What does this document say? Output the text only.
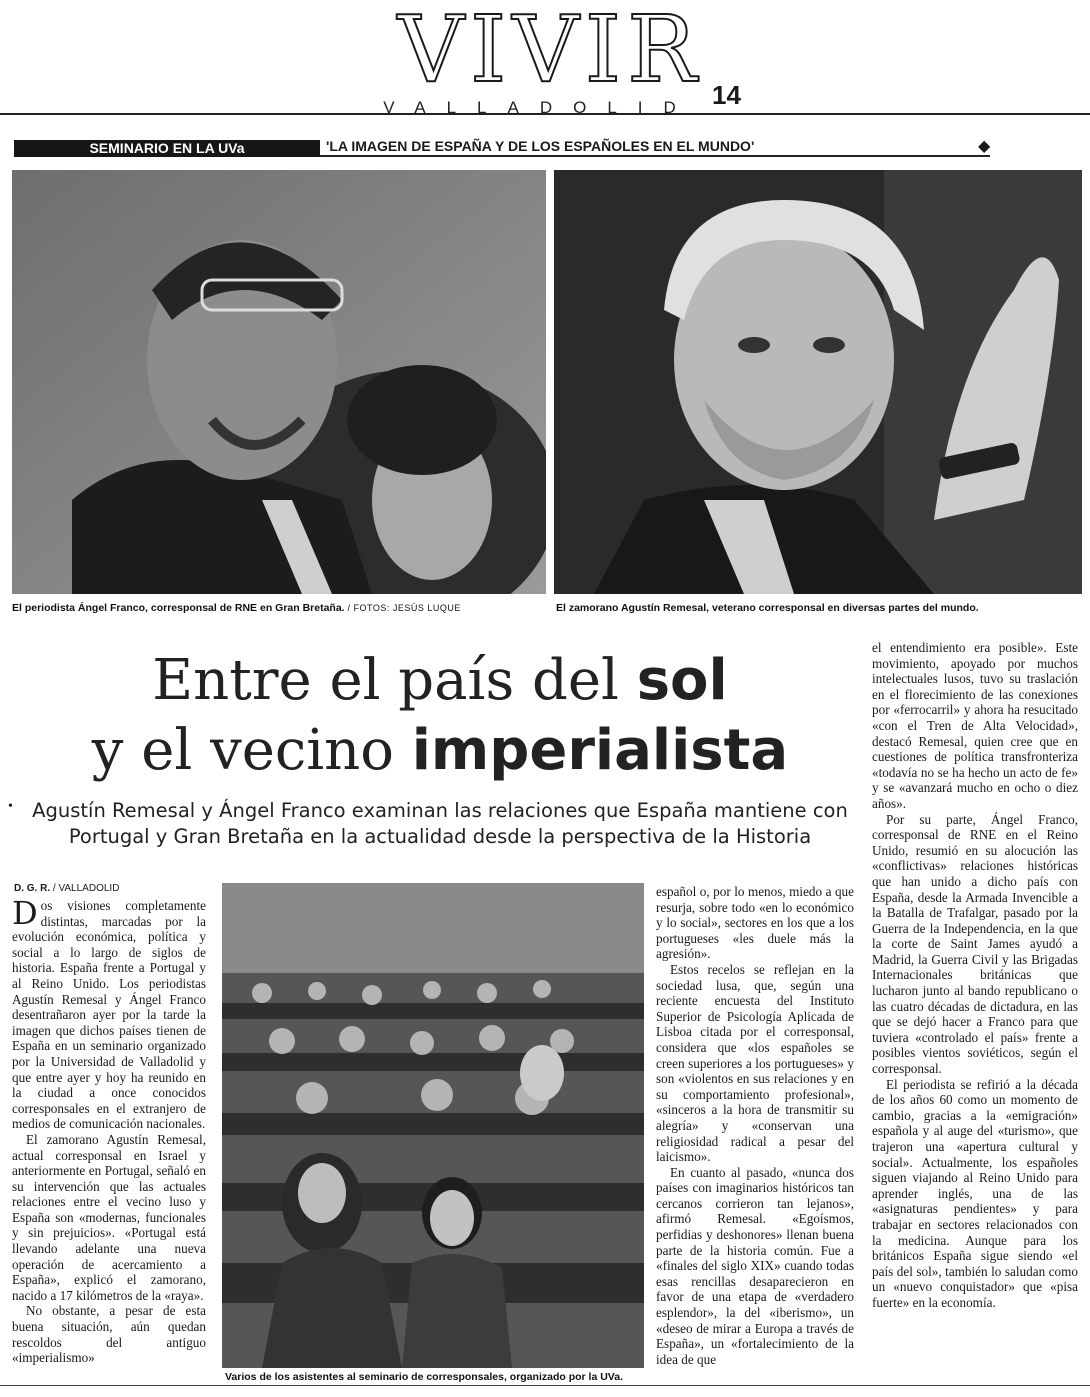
VIVIR
VALLADOLID 14
SEMINARIO EN LA UVa	'LA IMAGEN DE ESPAÑA Y DE LOS ESPAÑOLES EN EL MUNDO'	◆
El periodista Ángel Franco, corresponsal de RNE en Gran Bretaña. / FOTOS: JESÚS LUQUE	El zamorano Agustín Remesal, veterano corresponsal en diversas partes del mundo.
Entre el país del sol
y el vecino imperialista
• Agustín Remesal y Ángel Franco examinan las relaciones que España mantiene con Portugal y Gran Bretaña en la actualidad desde la perspectiva de la Historia
D. G. R. / VALLADOLID

Dos visiones completamente distintas, marcadas por la evolución económica, política y social a lo largo de siglos de historia. España frente a Portugal y al Reino Unido. Los periodistas Agustín Remesal y Ángel Franco desentrañaron ayer por la tarde la imagen que dichos países tienen de España en un seminario organizado por la Universidad de Valladolid y que entre ayer y hoy ha reunido en la ciudad a once conocidos corresponsales en el extranjero de medios de comunicación nacionales.

El zamorano Agustín Remesal, actual corresponsal en Israel y anteriormente en Portugal, señaló en su intervención que las actuales relaciones entre el vecino luso y España son «modernas, funcionales y sin prejuicios». «Portugal está llevando adelante una nueva operación de acercamiento a España», explicó el zamorano, nacido a 17 kilómetros de la «raya».

No obstante, a pesar de esta buena situación, aún quedan rescoldos del antiguo «imperialismo»

Varios de los asistentes al seminario de corresponsales, organizado por la UVa.

español o, por lo menos, miedo a que resurja, sobre todo «en lo económico y lo social», sectores en los que a los portugueses «les duele más la agresión».

Estos recelos se reflejan en la sociedad lusa, que, según una reciente encuesta del Instituto Superior de Psicología Aplicada de Lisboa citada por el corresponsal, considera que «los españoles se creen superiores a los portugueses» y son «violentos en sus relaciones y en su comportamiento profesional», «sinceros a la hora de transmitir su alegría» y «conservan una religiosidad radical a pesar del laicismo».

En cuanto al pasado, «nunca dos países con imaginarios históricos tan cercanos corrieron tan lejanos», afirmó Remesal. «Egoísmos, perfidias y deshonores» llenan buena parte de la historia común. Fue a «finales del siglo XIX» cuando todas esas rencillas desaparecieron en favor de una etapa de «verdadero esplendor», la del «iberismo», un «deseo de mirar a Europa a través de España», un «fortalecimiento de la idea de que

el entendimiento era posible». Este movimiento, apoyado por muchos intelectuales lusos, tuvo su traslación en el florecimiento de las conexiones por «ferrocarril» y ahora ha resucitado «con el Tren de Alta Velocidad», destacó Remesal, quien cree que en cuestiones de política transfronteriza «todavía no se ha hecho un acto de fe» y se «avanzará mucho en ocho o diez años».

Por su parte, Ángel Franco, corresponsal de RNE en el Reino Unido, resumió en su alocución las «conflictivas» relaciones históricas que han unido a dicho país con España, desde la Armada Invencible a la Batalla de Trafalgar, pasado por la Guerra de la Independencia, en la que la corte de Saint James ayudó a Madrid, la Guerra Civil y las Brigadas Internacionales británicas que lucharon junto al bando republicano o las cuatro décadas de dictadura, en las que se dejó hacer a Franco para que tuviera «controlado el país» frente a posibles vientos soviéticos, según el corresponsal.

El periodista se refirió a la década de los años 60 como un momento de cambio, gracias a la «emigración» española y al auge del «turismo», que trajeron una «apertura cultural y social». Actualmente, los españoles siguen viajando al Reino Unido para aprender inglés, una de las «asignaturas pendientes» y para trabajar en sectores relacionados con la medicina. Aunque para los británicos España sigue siendo «el país del sol», también lo saludan como un «nuevo conquistador» que «pisa fuerte» en la economía.
